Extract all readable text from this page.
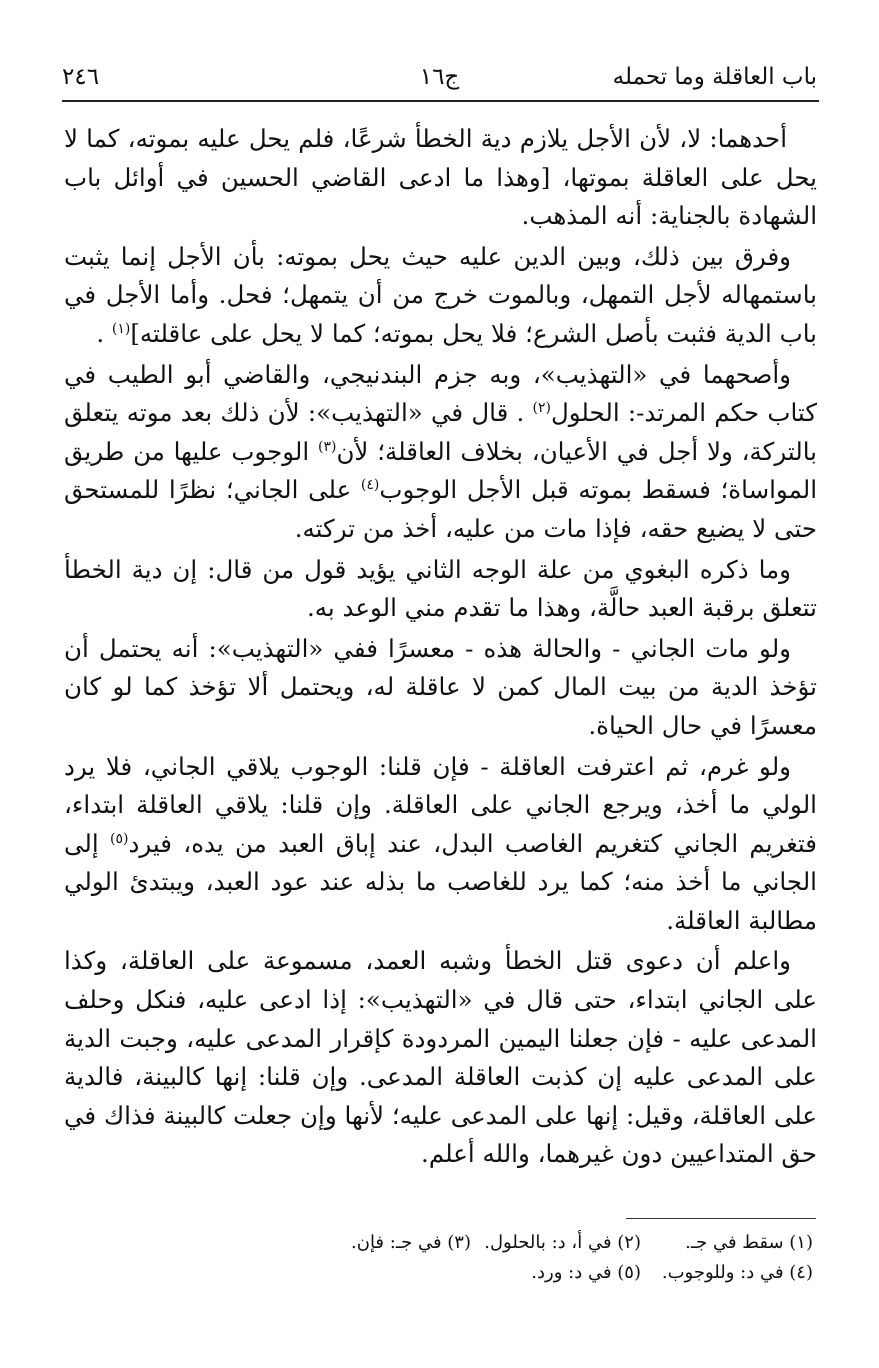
باب العاقلة وما تحمله
ج١٦
٢٤٦

أحدهما: لا، لأن الأجل يلازم دية الخطأ شرعًا، فلم يحل عليه بموته، كما لا يحل على العاقلة بموتها، [وهذا ما ادعى القاضي الحسين في أوائل باب الشهادة بالجناية: أنه المذهب.

وفرق بين ذلك، وبين الدين عليه حيث يحل بموته: بأن الأجل إنما يثبت باستمهاله لأجل التمهل، وبالموت خرج من أن يتمهل؛ فحل. وأما الأجل في باب الدية فثبت بأصل الشرع؛ فلا يحل بموته؛ كما لا يحل على عاقلته]$^{(١)}$ .

وأصحهما في «التهذيب»، وبه جزم البندنيجي، والقاضي أبو الطيب في كتاب حكم المرتد-: الحلول$^{(٢)}$ . قال في «التهذيب»: لأن ذلك بعد موته يتعلق بالتركة، ولا أجل في الأعيان، بخلاف العاقلة؛ لأن$^{(٣)}$ الوجوب عليها من طريق المواساة؛ فسقط بموته قبل الأجل الوجوب$^{(٤)}$ على الجاني؛ نظرًا للمستحق حتى لا يضيع حقه، فإذا مات من عليه، أخذ من تركته.

وما ذكره البغوي من علة الوجه الثاني يؤيد قول من قال: إن دية الخطأ تتعلق برقبة العبد حالَّة، وهذا ما تقدم مني الوعد به.

ولو مات الجاني - والحالة هذه - معسرًا ففي «التهذيب»: أنه يحتمل أن تؤخذ الدية من بيت المال كمن لا عاقلة له، ويحتمل ألا تؤخذ كما لو كان معسرًا في حال الحياة.

ولو غرم، ثم اعترفت العاقلة - فإن قلنا: الوجوب يلاقي الجاني، فلا يرد الولي ما أخذ، ويرجع الجاني على العاقلة. وإن قلنا: يلاقي العاقلة ابتداء، فتغريم الجاني كتغريم الغاصب البدل، عند إباق العبد من يده، فيرد$^{(٥)}$ إلى الجاني ما أخذ منه؛ كما يرد للغاصب ما بذله عند عود العبد، ويبتدئ الولي مطالبة العاقلة.

واعلم أن دعوى قتل الخطأ وشبه العمد، مسموعة على العاقلة، وكذا على الجاني ابتداء، حتى قال في «التهذيب»: إذا ادعى عليه، فنكل وحلف المدعى عليه - فإن جعلنا اليمين المردودة كإقرار المدعى عليه، وجبت الدية على المدعى عليه إن كذبت العاقلة المدعى. وإن قلنا: إنها كالبينة، فالدية على العاقلة، وقيل: إنها على المدعى عليه؛ لأنها وإن جعلت كالبينة فذاك في حق المتداعيين دون غيرهما، والله أعلم.

(١) سقط في جـ.
(٢) في أ، د: بالحلول.
(٣) في جـ: فإن.
(٤) في د: وللوجوب.
(٥) في د: ورد.
